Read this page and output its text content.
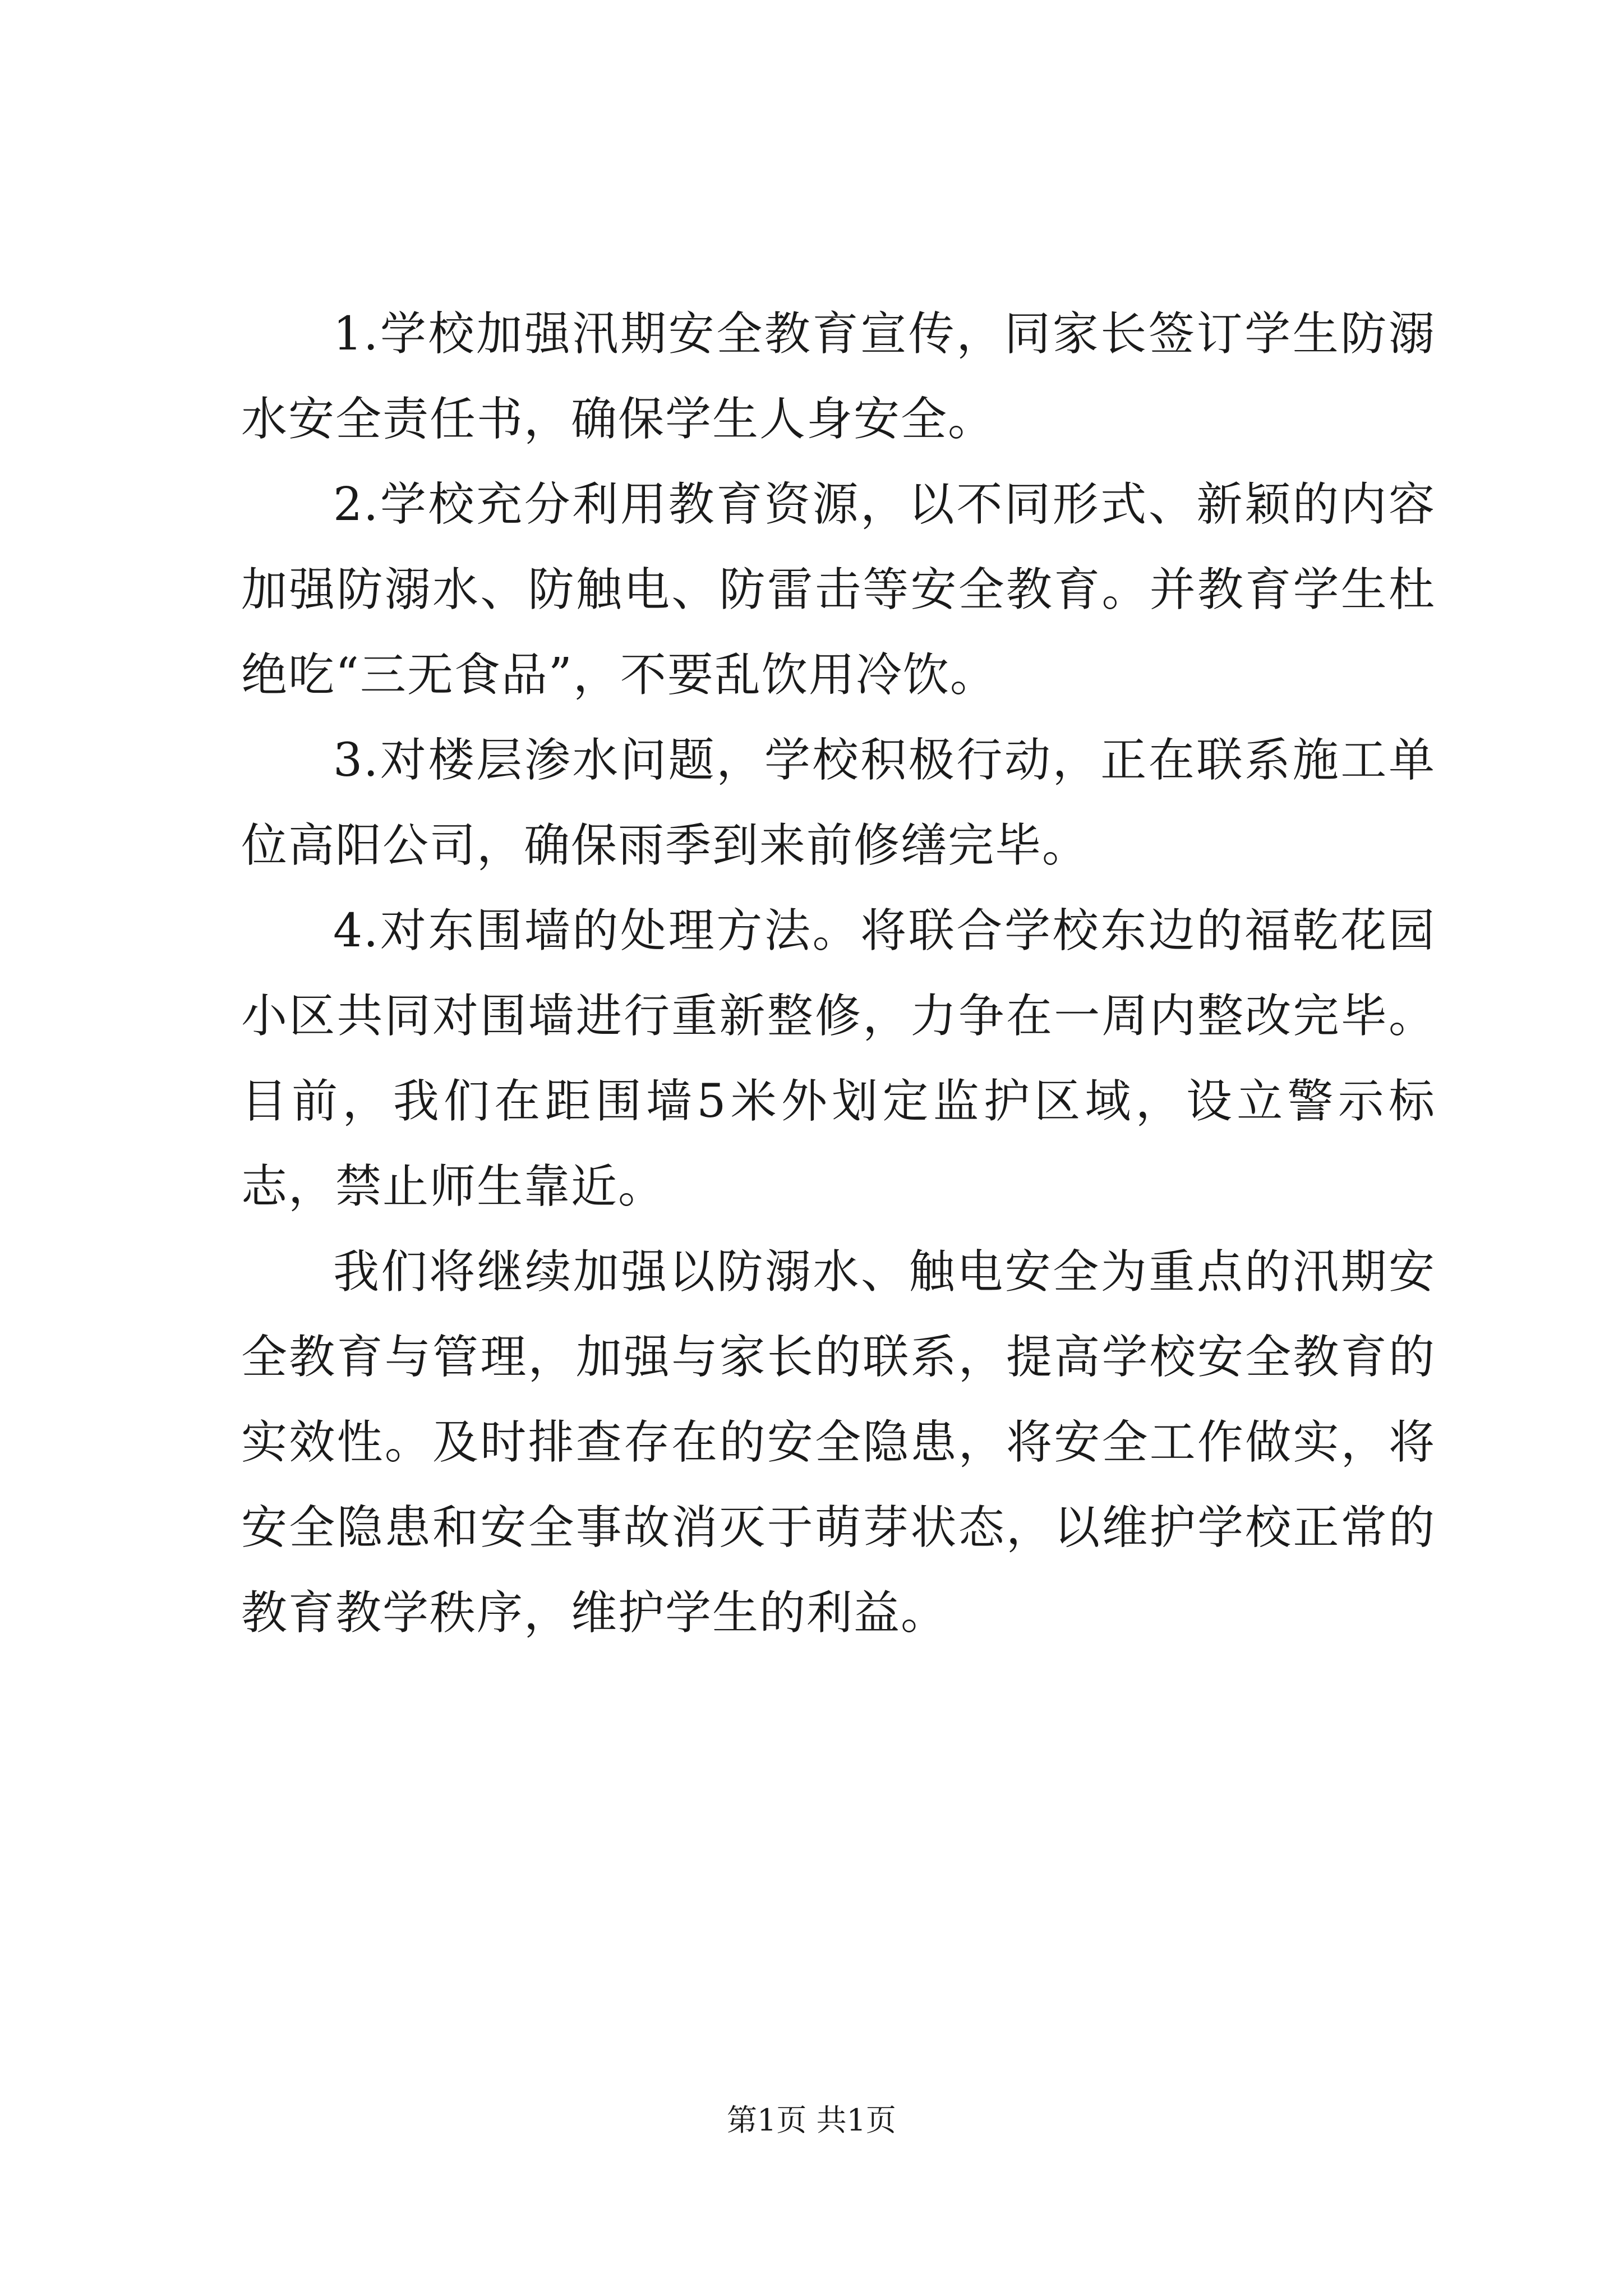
1.学校加强汛期安全教育宣传，同家长签订学生防溺水安全责任书，确保学生人身安全。

2.学校充分利用教育资源，以不同形式、新颖的内容加强防溺水、防触电、防雷击等安全教育。并教育学生杜绝吃“三无食品”，不要乱饮用冷饮。

3.对楼层渗水问题，学校积极行动，正在联系施工单位高阳公司，确保雨季到来前修缮完毕。

4.对东围墙的处理方法。将联合学校东边的福乾花园小区共同对围墙进行重新整修，力争在一周内整改完毕。目前，我们在距围墙5米外划定监护区域，设立警示标志，禁止师生靠近。

我们将继续加强以防溺水、触电安全为重点的汛期安全教育与管理，加强与家长的联系，提高学校安全教育的实效性。及时排查存在的安全隐患，将安全工作做实，将安全隐患和安全事故消灭于萌芽状态，以维护学校正常的教育教学秩序，维护学生的利益。

第1页 共1页
